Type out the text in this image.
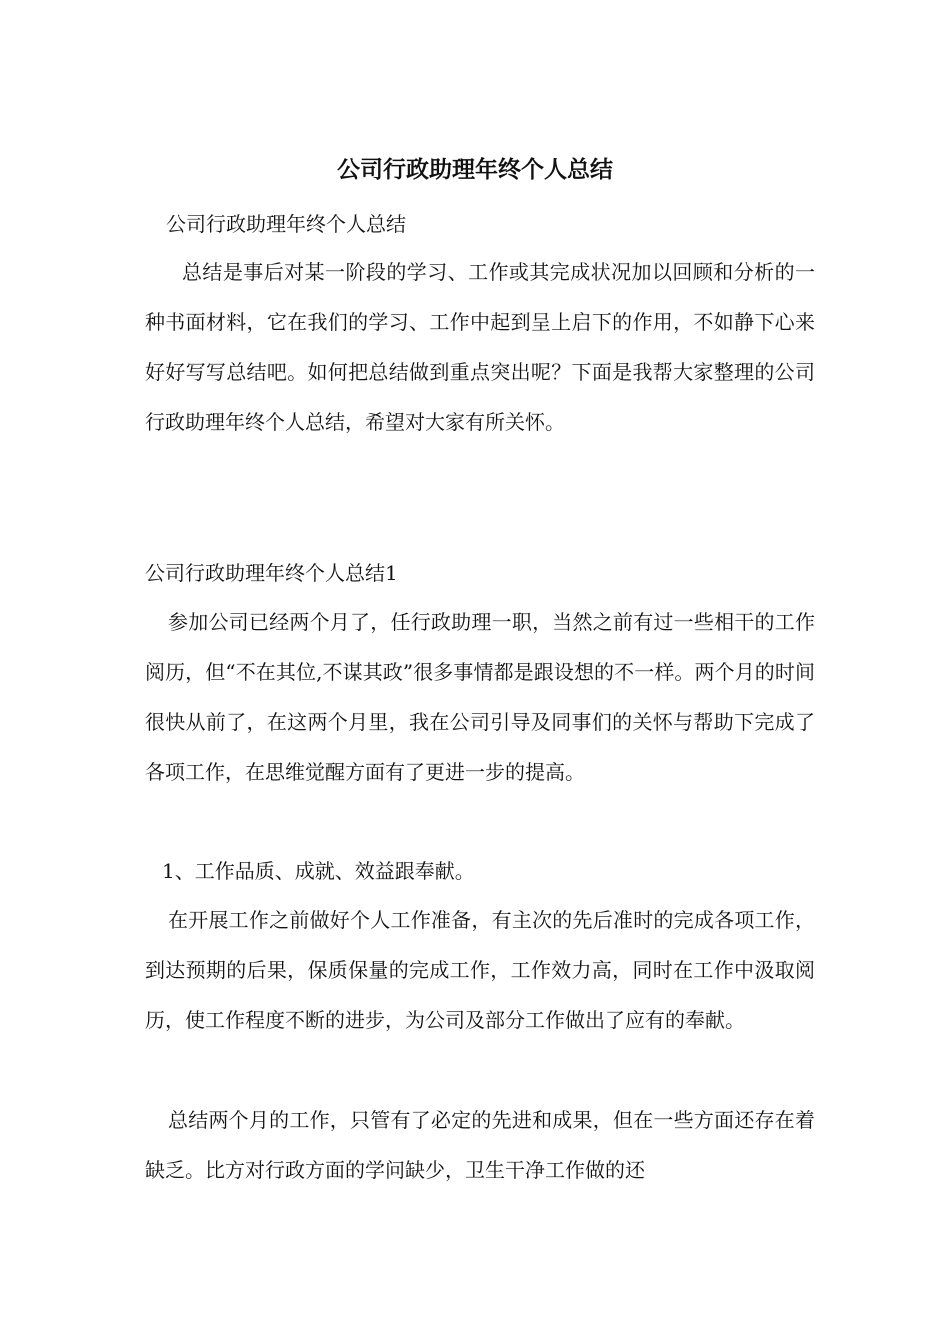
公司行政助理年终个人总结
公司行政助理年终个人总结
总结是事后对某一阶段的学习、工作或其完成状况加以回顾和分析的一种书面材料，它在我们的学习、工作中起到呈上启下的作用，不如静下心来好好写写总结吧。如何把总结做到重点突出呢？下面是我帮大家整理的公司行政助理年终个人总结，希望对大家有所关怀。
公司行政助理年终个人总结1
参加公司已经两个月了，任行政助理一职，当然之前有过一些相干的工作阅历，但“不在其位,不谋其政”很多事情都是跟设想的不一样。两个月的时间很快从前了，在这两个月里，我在公司引导及同事们的关怀与帮助下完成了各项工作，在思维觉醒方面有了更进一步的提高。
1、工作品质、成就、效益跟奉献。
在开展工作之前做好个人工作准备，有主次的先后准时的完成各项工作，到达预期的后果，保质保量的完成工作，工作效力高，同时在工作中汲取阅历，使工作程度不断的进步，为公司及部分工作做出了应有的奉献。
总结两个月的工作，只管有了必定的先进和成果，但在一些方面还存在着缺乏。比方对行政方面的学问缺少，卫生干净工作做的还
